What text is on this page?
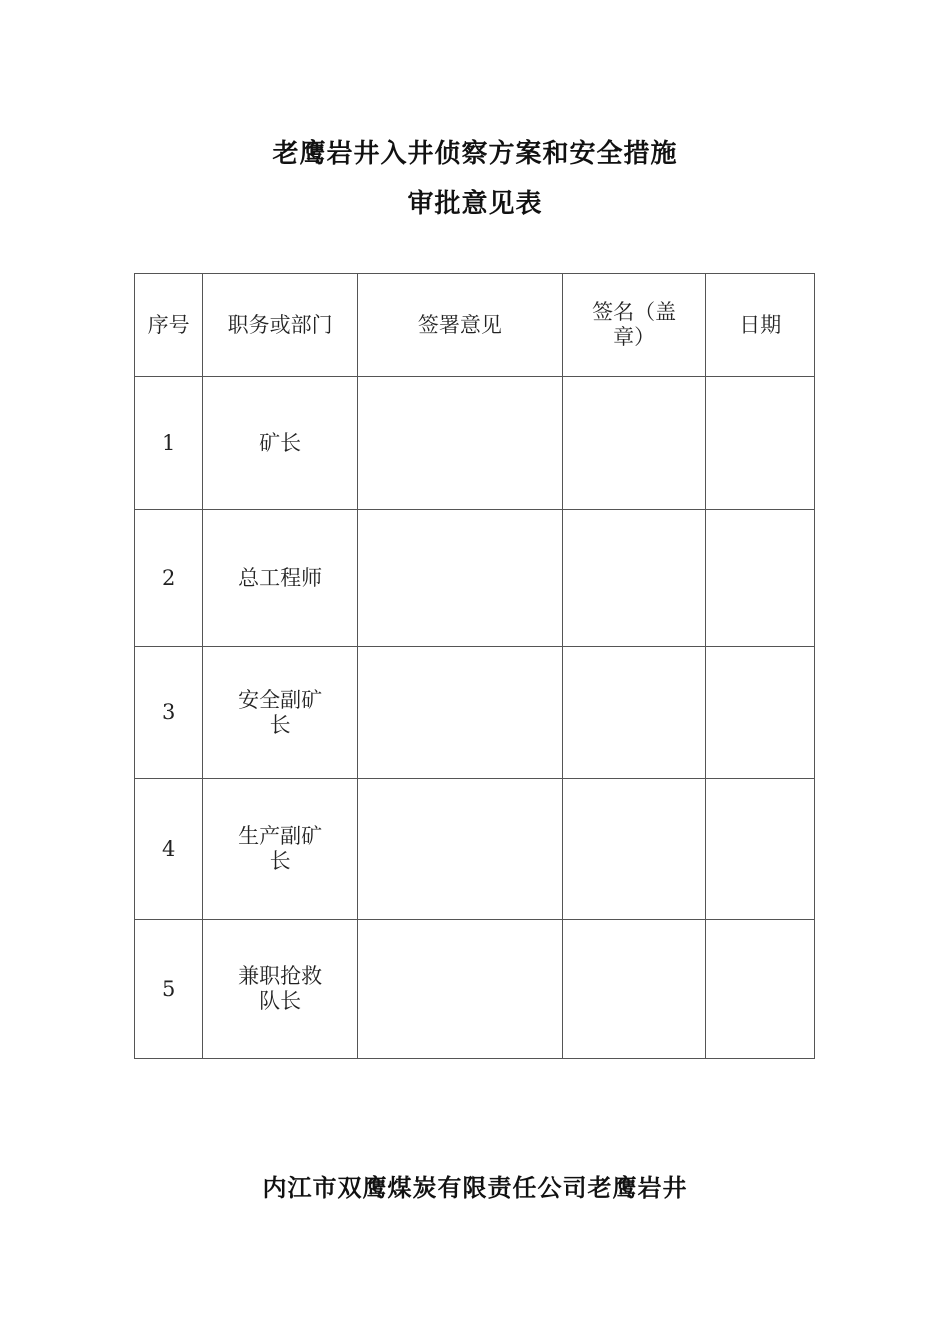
老鹰岩井入井侦察方案和安全措施
审批意见表
序号	职务或部门	签署意见	签名（盖章）	日期
1	矿长			
2	总工程师			
3	安全副矿长			
4	生产副矿长			
5	兼职抢救队长			
内江市双鹰煤炭有限责任公司老鹰岩井
